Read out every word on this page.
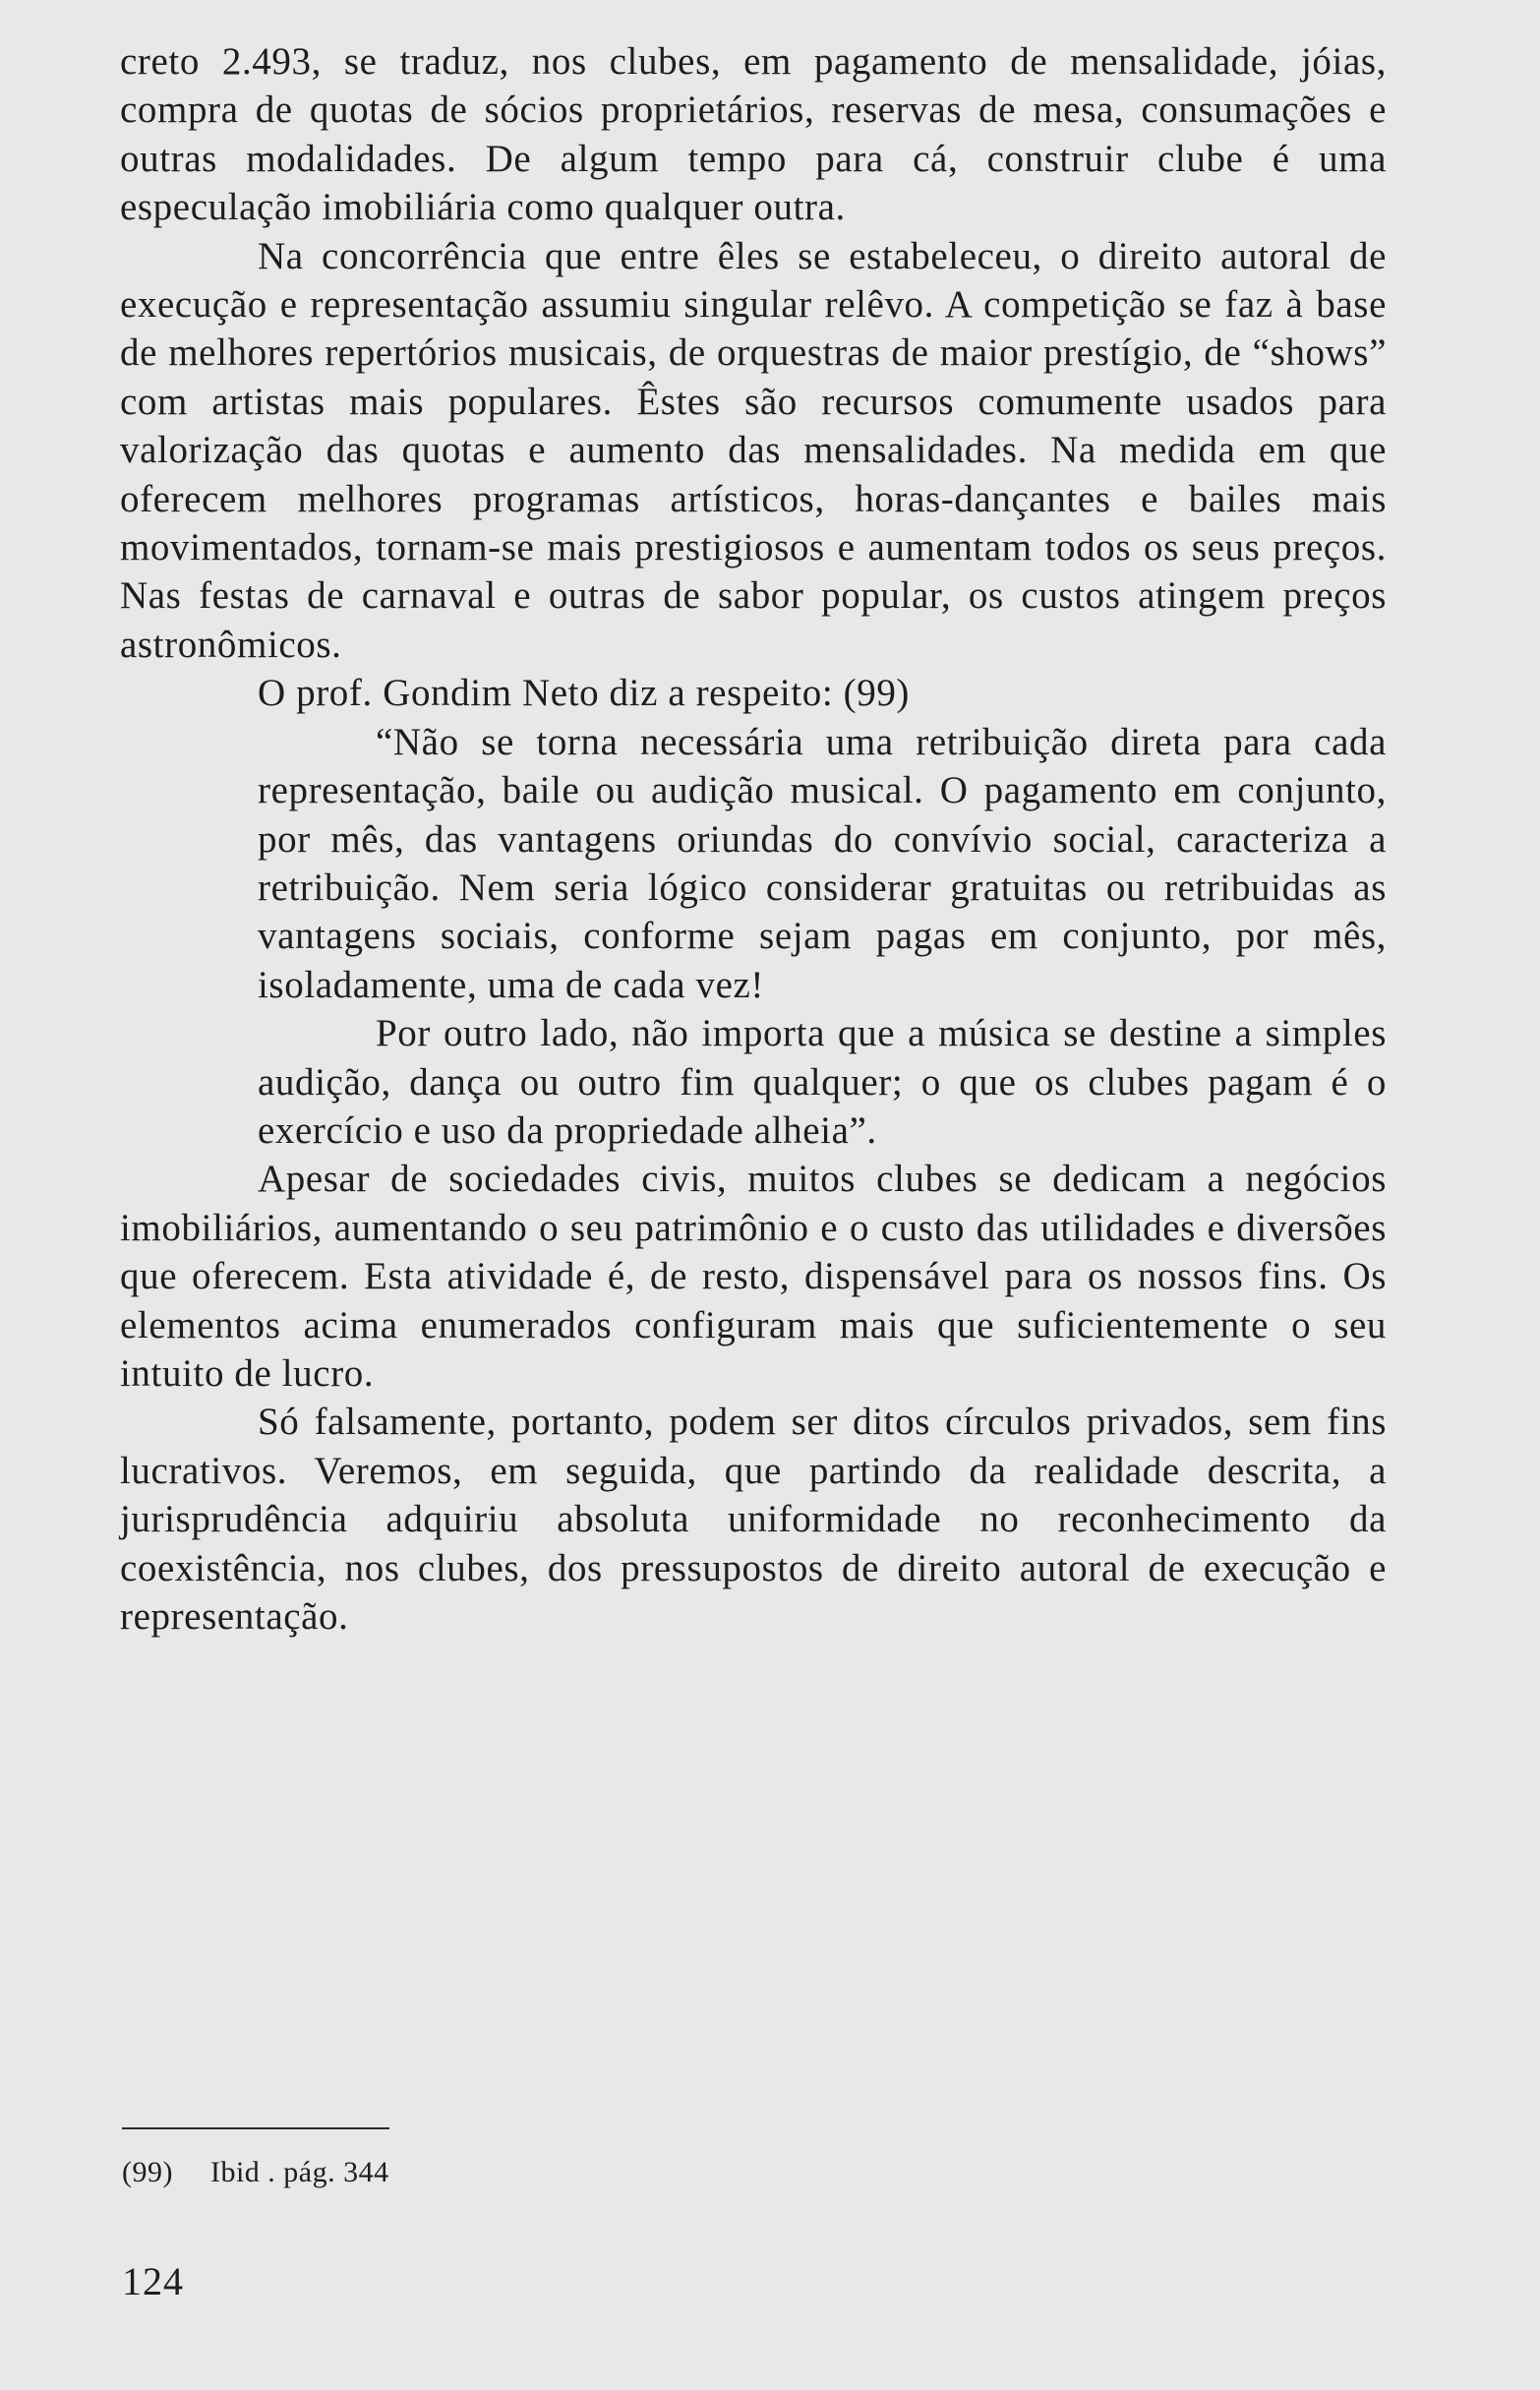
creto 2.493, se traduz, nos clubes, em pagamento de mensalidade, jóias, compra de quotas de sócios proprietários, reservas de mesa, consumações e outras modalidades. De algum tempo para cá, construir clube é uma especulação imobiliária como qualquer outra.

Na concorrência que entre êles se estabeleceu, o direito autoral de execução e representação assumiu singular relêvo. A competição se faz à base de melhores repertórios musicais, de orquestras de maior prestígio, de “shows” com artistas mais populares. Êstes são recursos comumente usados para valorização das quotas e aumento das mensalidades. Na medida em que oferecem melhores programas artísticos, horas-dançantes e bailes mais movimentados, tornam-se mais prestigiosos e aumentam todos os seus preços. Nas festas de carnaval e outras de sabor popular, os custos atingem preços astronômicos.

O prof. Gondim Neto diz a respeito: (99)

“Não se torna necessária uma retribuição direta para cada representação, baile ou audição musical. O pagamento em conjunto, por mês, das vantagens oriundas do convívio social, caracteriza a retribuição. Nem seria lógico considerar gratuitas ou retribuidas as vantagens sociais, conforme sejam pagas em conjunto, por mês, isoladamente, uma de cada vez!

Por outro lado, não importa que a música se destine a simples audição, dança ou outro fim qualquer; o que os clubes pagam é o exercício e uso da propriedade alheia”.

Apesar de sociedades civis, muitos clubes se dedicam a negócios imobiliários, aumentando o seu patrimônio e o custo das utilidades e diversões que oferecem. Esta atividade é, de resto, dispensável para os nossos fins. Os elementos acima enumerados configuram mais que suficientemente o seu intuito de lucro.

Só falsamente, portanto, podem ser ditos círculos privados, sem fins lucrativos. Veremos, em seguida, que partindo da realidade descrita, a jurisprudência adquiriu absoluta uniformidade no reconhecimento da coexistência, nos clubes, dos pressupostos de direito autoral de execução e representação.

(99) Ibid . pág. 344
124
